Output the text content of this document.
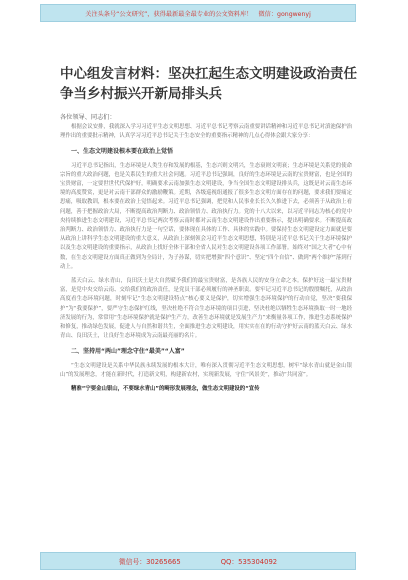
关注头条号“公文研究”，获得最新最全最专业的公文资料库！ 微信：gongwenyj
中心组发言材料：坚决扛起生态文明建设政治责任争当乡村振兴开新局排头兵
各位领导、同志们：

根据会议安排，我就深入学习习近平生态文明思想、习近平总书记考察云南重要讲话精神和习近平总书记对滇池保护治理作出的重要批示精神，认真学习习近平总书记关于生态安全的重要指示精神的几点心得体会跟大家分享：

一、生态文明建设根本要在政治上觉悟

习近平总书记指出，生态环境是人类生存和发展的根基，生态兴则文明兴，生态衰则文明衰；生态环境是关系党的使命宗旨的重大政治问题，也是关系民生的重大社会问题。习近平总书记强调，良好的生态环境是云南的宝贵财富，也是全国的宝贵财富，一定要世世代代保护好，明确要求云南加强生态文明建设，争当全国生态文明建设排头兵，这既是对云南生态环境的高度赞赏，更是对云南干部群众的激励鞭策。近期，各级巡视组通报了很多生态文明方面存在的问题，要求我们要痛定思痛，吸取教训，根本要在政治上觉悟起来。习近平总书记强调，把党和人民事业长长久久推进下去，必须善于从政治上看问题，善于把握政治大局，不断提高政治判断力、政治领悟力、政治执行力。党的十八大以来，以习近平同志为核心的党中央持续推进生态文明建设，习近平总书记两次考察云南时都对云南生态文明建设作出重要指示，提出明确要求。不断提高政治判断力、政治领悟力、政治执行力是一句空话，要体现在具体的工作、具体的实践中。要保持生态文明建设定力面就是要从政治上讲科学生态文明建设的重大意义，从政治上深刻领会习近平生态文明思想，特别是习近平总书记关于生态环境保护以及生态文明建设的重要指示，从政治上找好全体干部和全省人民对生态文明建设各项工作部署。始终对“国之大者”心中有数，在生态文明建设方面真正做到为全局计，为子孙谋，切实把增强“四个意识”、坚定“四个自信”、做到“两个维护”落到行动上。

蓝天白云、绿水青山，良田沃土是大自然赋予我们的最宝贵财富，是各族人民的安身立命之本。保护好这一最宝贵财富，是党中央交给云南、交给我们的政治责任，是党员干部必须履行的神圣职责。要牢记习近平总书记的殷殷嘱托，从政治高度看生态环境问题，时刻牢记“生态文明建设特点”核心要义是保护，切实增强生态环境保护的行动自觉，坚决“要我保护”为“我要保护”，要严守生态保护红线，坚决杜绝不符合生态环境的项目引进，坚决杜绝以牺牲生态环境换取一时一地经济发展的行为，常常用“生态环境保护就是保护生产力，改善生态环境就是发展生产力”来衡量各项工作，推进生态系统保护和修复，推动绿色发展，促进人与自然和谐共生，全面推进生态文明建设，用实实在在的行动守护好云南的蓝天白云、绿水青山、良田沃土，让良好生态环境成为云南最亮丽的名片。

二、坚持用“两山”理念守住“最美”“人富”

“生态文明建设是关系中华民族永续发展的根本大计，唯有深入贯彻习近平生态文明思想，树牢“绿水青山就是金山银山”的发展理念，才能在新时代，打造新文明，构建新农村，实现新发展，守住“风景美”，推动“共同富”。

精准“宁要金山银山，不要绿水青山”的畸形发展理念，做生态文明建设的“宣传

微信号：30265665	QQ：535304092
